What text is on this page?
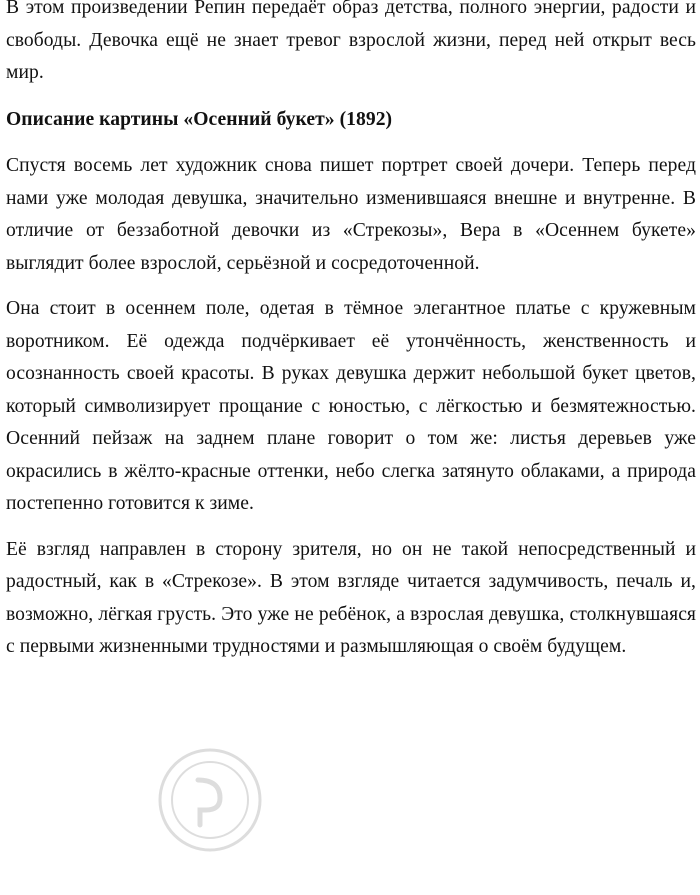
В этом произведении Репин передаёт образ детства, полного энергии, радости и свободы. Девочка ещё не знает тревог взрослой жизни, перед ней открыт весь мир.

Описание картины «Осенний букет» (1892)

Спустя восемь лет художник снова пишет портрет своей дочери. Теперь перед нами уже молодая девушка, значительно изменившаяся внешне и внутренне. В отличие от беззаботной девочки из «Стрекозы», Вера в «Осеннем букете» выглядит более взрослой, серьёзной и сосредоточенной.

Она стоит в осеннем поле, одетая в тёмное элегантное платье с кружевным воротником. Её одежда подчёркивает её утончённость, женственность и осознанность своей красоты. В руках девушка держит небольшой букет цветов, который символизирует прощание с юностью, с лёгкостью и безмятежностью. Осенний пейзаж на заднем плане говорит о том же: листья деревьев уже окрасились в жёлто-красные оттенки, небо слегка затянуто облаками, а природа постепенно готовится к зиме.

Её взгляд направлен в сторону зрителя, но он не такой непосредственный и радостный, как в «Стрекозе». В этом взгляде читается задумчивость, печаль и, возможно, лёгкая грусть. Это уже не ребёнок, а взрослая девушка, столкнувшаяся с первыми жизненными трудностями и размышляющая о своём будущем.
